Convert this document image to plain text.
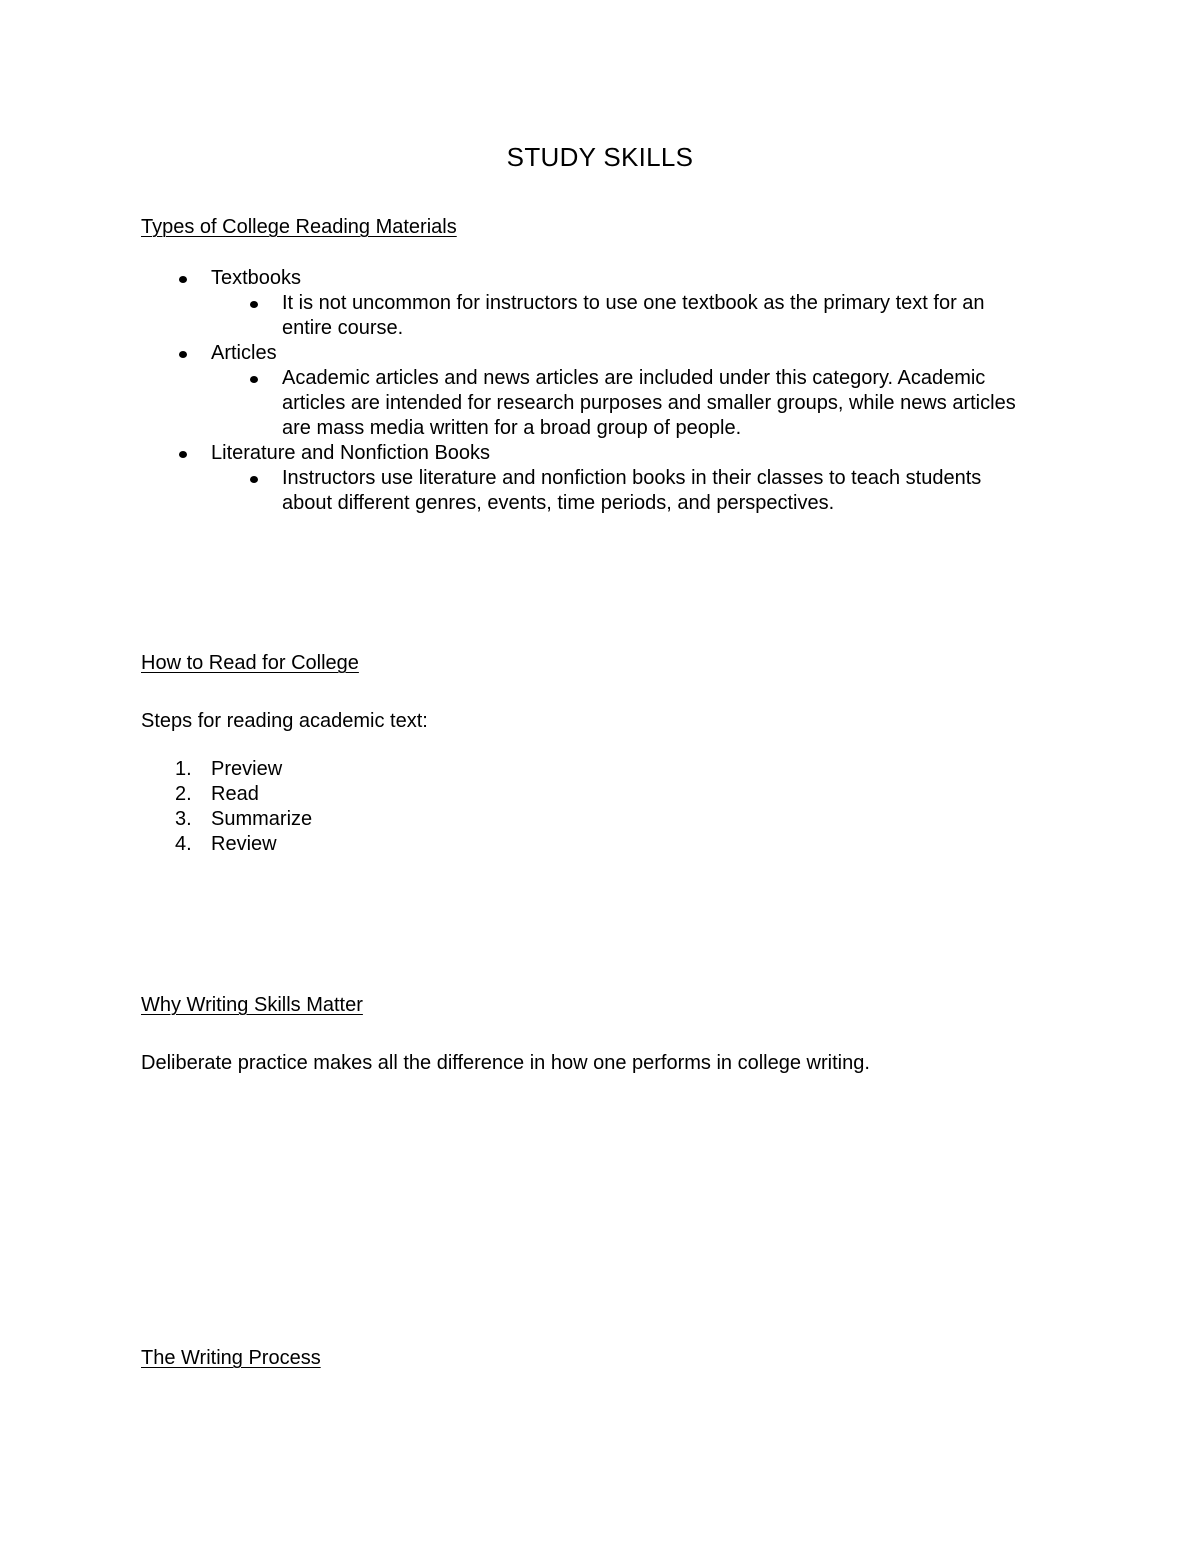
STUDY SKILLS
Types of College Reading Materials
Textbooks
It is not uncommon for instructors to use one textbook as the primary text for an entire course.
Articles
Academic articles and news articles are included under this category. Academic articles are intended for research purposes and smaller groups, while news articles are mass media written for a broad group of people.
Literature and Nonfiction Books
Instructors use literature and nonfiction books in their classes to teach students about different genres, events, time periods, and perspectives.
How to Read for College
Steps for reading academic text:
1. Preview
2. Read
3. Summarize
4. Review
Why Writing Skills Matter
Deliberate practice makes all the difference in how one performs in college writing.
The Writing Process
